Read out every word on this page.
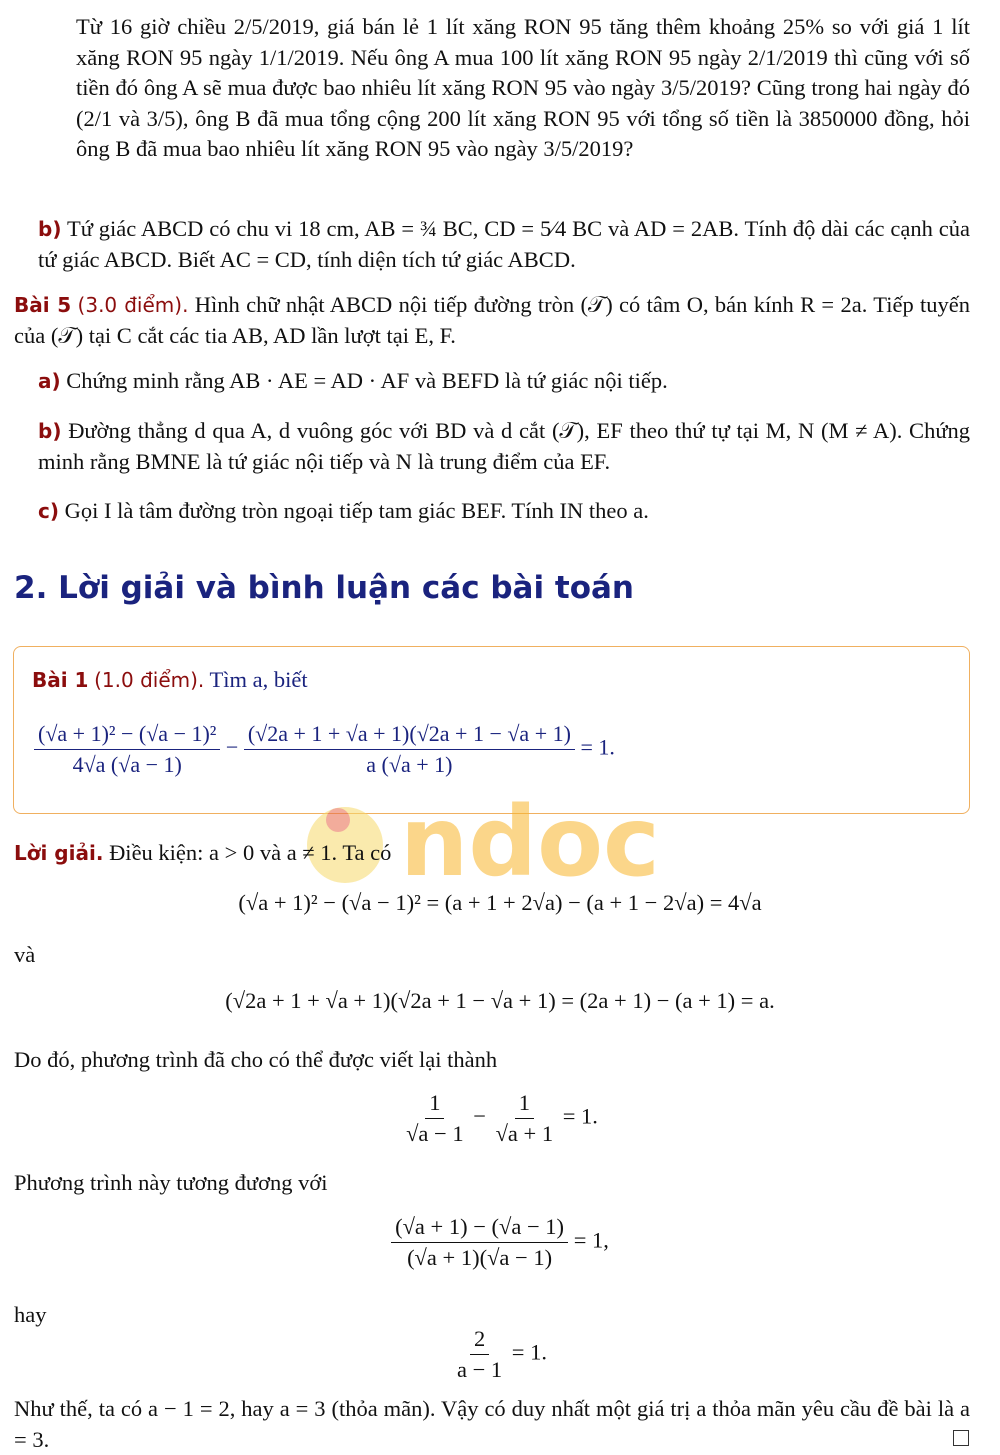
Từ 16 giờ chiều 2/5/2019, giá bán lẻ 1 lít xăng RON 95 tăng thêm khoảng 25% so với giá 1 lít xăng RON 95 ngày 1/1/2019. Nếu ông A mua 100 lít xăng RON 95 ngày 2/1/2019 thì cũng với số tiền đó ông A sẽ mua được bao nhiêu lít xăng RON 95 vào ngày 3/5/2019? Cũng trong hai ngày đó (2/1 và 3/5), ông B đã mua tổng cộng 200 lít xăng RON 95 với tổng số tiền là 3850000 đồng, hỏi ông B đã mua bao nhiêu lít xăng RON 95 vào ngày 3/5/2019?
b) Tứ giác ABCD có chu vi 18 cm, AB = ¾ BC, CD = 5⁄4 BC và AD = 2AB. Tính độ dài các cạnh của tứ giác ABCD. Biết AC = CD, tính diện tích tứ giác ABCD.
Bài 5 (3.0 điểm). Hình chữ nhật ABCD nội tiếp đường tròn (𝒯) có tâm O, bán kính R = 2a. Tiếp tuyến của (𝒯) tại C cắt các tia AB, AD lần lượt tại E, F.
a) Chứng minh rằng AB · AE = AD · AF và BEFD là tứ giác nội tiếp.
b) Đường thẳng d qua A, d vuông góc với BD và d cắt (𝒯), EF theo thứ tự tại M, N (M ≠ A). Chứng minh rằng BMNE là tứ giác nội tiếp và N là trung điểm của EF.
c) Gọi I là tâm đường tròn ngoại tiếp tam giác BEF. Tính IN theo a.
2. Lời giải và bình luận các bài toán
Bài 1 (1.0 điểm). Tìm a, biết
$\frac{\text{(√a + 1)² − (√a − 1)²}}{4√a (√a - 1)} - \frac{(√2a + 1 + √a + 1)(√2a + 1 - √a + 1)}{a (√a + 1)} = 1$.
ndoc
Lời giải. Điều kiện: a > 0 và a ≠ 1. Ta có
(√a + 1)² − (√a − 1)² = (a + 1 + 2√a) − (a + 1 − 2√a) = 4√a
và
(√2a + 1 + √a + 1)(√2a + 1 − √a + 1) = (2a + 1) − (a + 1) = a.
Do đó, phương trình đã cho có thể được viết lại thành
$\frac{1}{√a - 1} - \frac{1}{√a + 1} = 1$.
Phương trình này tương đương với
$\frac{(√a + 1) - (√a - 1)}{(√a + 1)(√a - 1)} = 1$,
hay
$\frac{2}{a - 1} = 1$.
Như thế, ta có a − 1 = 2, hay a = 3 (thỏa mãn). Vậy có duy nhất một giá trị a thỏa mãn yêu cầu đề bài là a = 3.
